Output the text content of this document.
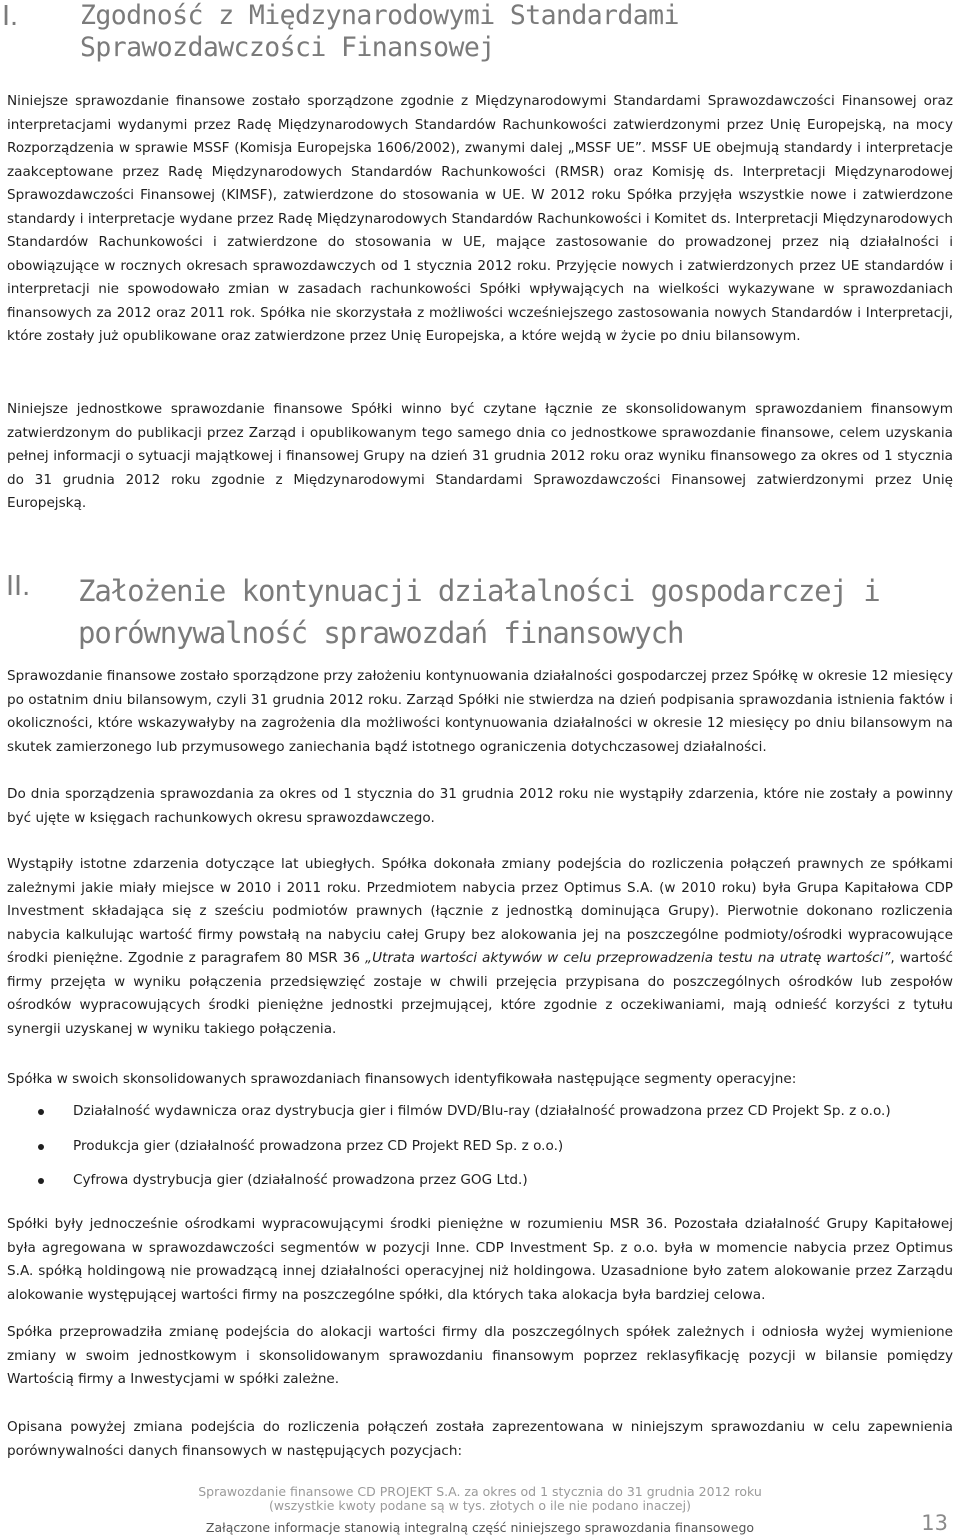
I.	Zgodność z Międzynarodowymi Standardami
Sprawozdawczości Finansowej

Niniejsze sprawozdanie finansowe zostało sporządzone zgodnie z Międzynarodowymi Standardami Sprawozdawczości Finansowej oraz interpretacjami wydanymi przez Radę Międzynarodowych Standardów Rachunkowości zatwierdzonymi przez Unię Europejską, na mocy Rozporządzenia w sprawie MSSF (Komisja Europejska 1606/2002), zwanymi dalej „MSSF UE”. MSSF UE obejmują standardy i interpretacje zaakceptowane przez Radę Międzynarodowych Standardów Rachunkowości (RMSR) oraz Komisję ds. Interpretacji Międzynarodowej Sprawozdawczości Finansowej (KIMSF), zatwierdzone do stosowania w UE. W 2012 roku Spółka przyjęła wszystkie nowe i zatwierdzone standardy i interpretacje wydane przez Radę Międzynarodowych Standardów Rachunkowości i Komitet ds. Interpretacji Międzynarodowych Standardów Rachunkowości i zatwierdzone do stosowania w UE, mające zastosowanie do prowadzonej przez nią działalności i obowiązujące w rocznych okresach sprawozdawczych od 1 stycznia 2012 roku. Przyjęcie nowych i zatwierdzonych przez UE standardów i interpretacji nie spowodowało zmian w zasadach rachunkowości Spółki wpływających na wielkości wykazywane w sprawozdaniach finansowych za 2012 oraz 2011 rok. Spółka nie skorzystała z możliwości wcześniejszego zastosowania nowych Standardów i Interpretacji, które zostały już opublikowane oraz zatwierdzone przez Unię Europejska, a które wejdą w życie po dniu bilansowym.

Niniejsze jednostkowe sprawozdanie finansowe Spółki winno być czytane łącznie ze skonsolidowanym sprawozdaniem finansowym zatwierdzonym do publikacji przez Zarząd i opublikowanym tego samego dnia co jednostkowe sprawozdanie finansowe, celem uzyskania pełnej informacji o sytuacji majątkowej i finansowej Grupy na dzień 31 grudnia 2012 roku oraz wyniku finansowego za okres od 1 stycznia do 31 grudnia 2012 roku zgodnie z Międzynarodowymi Standardami Sprawozdawczości Finansowej zatwierdzonymi przez Unię Europejską.

II.	Założenie kontynuacji działalności gospodarczej i
porównywalność sprawozdań finansowych

Sprawozdanie finansowe zostało sporządzone przy założeniu kontynuowania działalności gospodarczej przez Spółkę w okresie 12 miesięcy po ostatnim dniu bilansowym, czyli 31 grudnia 2012 roku. Zarząd Spółki nie stwierdza na dzień podpisania sprawozdania istnienia faktów i okoliczności, które wskazywałyby na zagrożenia dla możliwości kontynuowania działalności w okresie 12 miesięcy po dniu bilansowym na skutek zamierzonego lub przymusowego zaniechania bądź istotnego ograniczenia dotychczasowej działalności.

Do dnia sporządzenia sprawozdania za okres od 1 stycznia do 31 grudnia 2012 roku nie wystąpiły zdarzenia, które nie zostały a powinny być ujęte w księgach rachunkowych okresu sprawozdawczego.

Wystąpiły istotne zdarzenia dotyczące lat ubiegłych. Spółka dokonała zmiany podejścia do rozliczenia połączeń prawnych ze spółkami zależnymi jakie miały miejsce w 2010 i 2011 roku. Przedmiotem nabycia przez Optimus S.A. (w 2010 roku) była Grupa Kapitałowa CDP Investment składająca się z sześciu podmiotów prawnych (łącznie z jednostką dominująca Grupy). Pierwotnie dokonano rozliczenia nabycia kalkulując wartość firmy powstałą na nabyciu całej Grupy bez alokowania jej na poszczególne podmioty/ośrodki wypracowujące środki pieniężne. Zgodnie z paragrafem 80 MSR 36 „Utrata wartości aktywów w celu przeprowadzenia testu na utratę wartości”, wartość firmy przejęta w wyniku połączenia przedsięwzięć zostaje w chwili przejęcia przypisana do poszczególnych ośrodków lub zespołów ośrodków wypracowujących środki pieniężne jednostki przejmującej, które zgodnie z oczekiwaniami, mają odnieść korzyści z tytułu synergii uzyskanej w wyniku takiego połączenia.

Spółka w swoich skonsolidowanych sprawozdaniach finansowych identyfikowała następujące segmenty operacyjne:

Działalność wydawnicza oraz dystrybucja gier i filmów DVD/Blu-ray (działalność prowadzona przez CD Projekt Sp. z o.o.)
Produkcja gier (działalność prowadzona przez CD Projekt RED Sp. z o.o.)
Cyfrowa dystrybucja gier (działalność prowadzona przez GOG Ltd.)

Spółki były jednocześnie ośrodkami wypracowującymi środki pieniężne w rozumieniu MSR 36. Pozostała działalność Grupy Kapitałowej była agregowana w sprawozdawczości segmentów w pozycji Inne. CDP Investment Sp. z o.o. była w momencie nabycia przez Optimus S.A. spółką holdingową nie prowadzącą innej działalności operacyjnej niż holdingowa. Uzasadnione było zatem alokowanie przez Zarządu alokowanie występującej wartości firmy na poszczególne spółki, dla których taka alokacja była bardziej celowa.

Spółka przeprowadziła zmianę podejścia do alokacji wartości firmy dla poszczególnych spółek zależnych i odniosła wyżej wymienione zmiany w swoim jednostkowym i skonsolidowanym sprawozdaniu finansowym poprzez reklasyfikację pozycji w bilansie pomiędzy Wartością firmy a Inwestycjami w spółki zależne.

Opisana powyżej zmiana podejścia do rozliczenia połączeń została zaprezentowana w niniejszym sprawozdaniu w celu zapewnienia porównywalności danych finansowych w następujących pozycjach:

Sprawozdanie finansowe CD PROJEKT S.A. za okres od 1 stycznia do 31 grudnia 2012 roku
(wszystkie kwoty podane są w tys. złotych o ile nie podano inaczej)
Załączone informacje stanowią integralną część niniejszego sprawozdania finansowego	13
